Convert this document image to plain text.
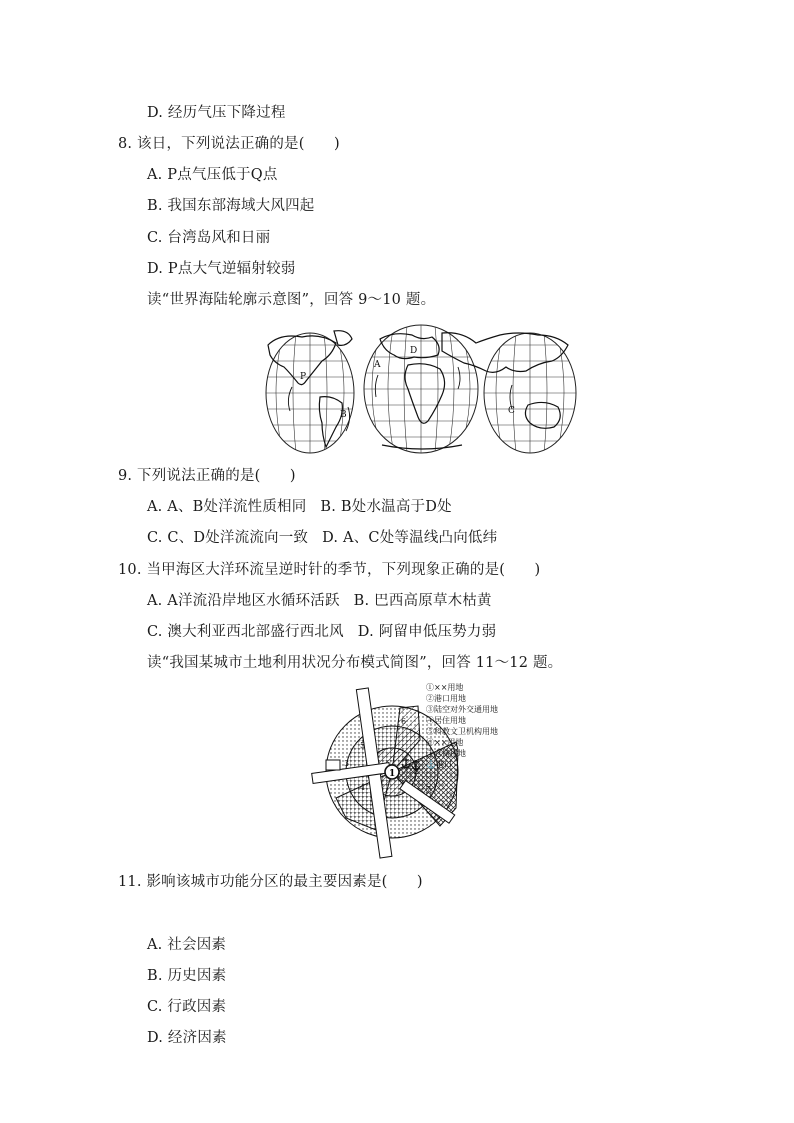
D. 经历气压下降过程
8. 该日，下列说法正确的是(　　)
A. P点气压低于Q点
B. 我国东部海域大风四起
C. 台湾岛风和日丽
D. P点大气逆辐射较弱
读“世界海陆轮廓示意图”，回答 9～10 题。
P
A
B	C
D
9. 下列说法正确的是(　　)
A. A、B处洋流性质相同 B. B处水温高于D处
C. C、D处洋流流向一致 D. A、C处等温线凸向低纬
10. 当甲海区大洋环流呈逆时针的季节，下列现象正确的是(　　)
A. A洋流沿岸地区水循环活跃 B. 巴西高原草木枯黄
C. 澳大利亚西北部盛行西北风 D. 阿留申低压势力弱
读“我国某城市土地利用状况分布模式简图”，回答 11～12 题。
1
6
5
3
4	7
2
①××用地
②港口用地
③陆空对外交通用地
④居住用地
⑤科教文卫机构用地
⑥××用地
⑦仓储用地
⚓港口
11. 影响该城市功能分区的最主要因素是(　　)
A. 社会因素
B. 历史因素
C. 行政因素
D. 经济因素
